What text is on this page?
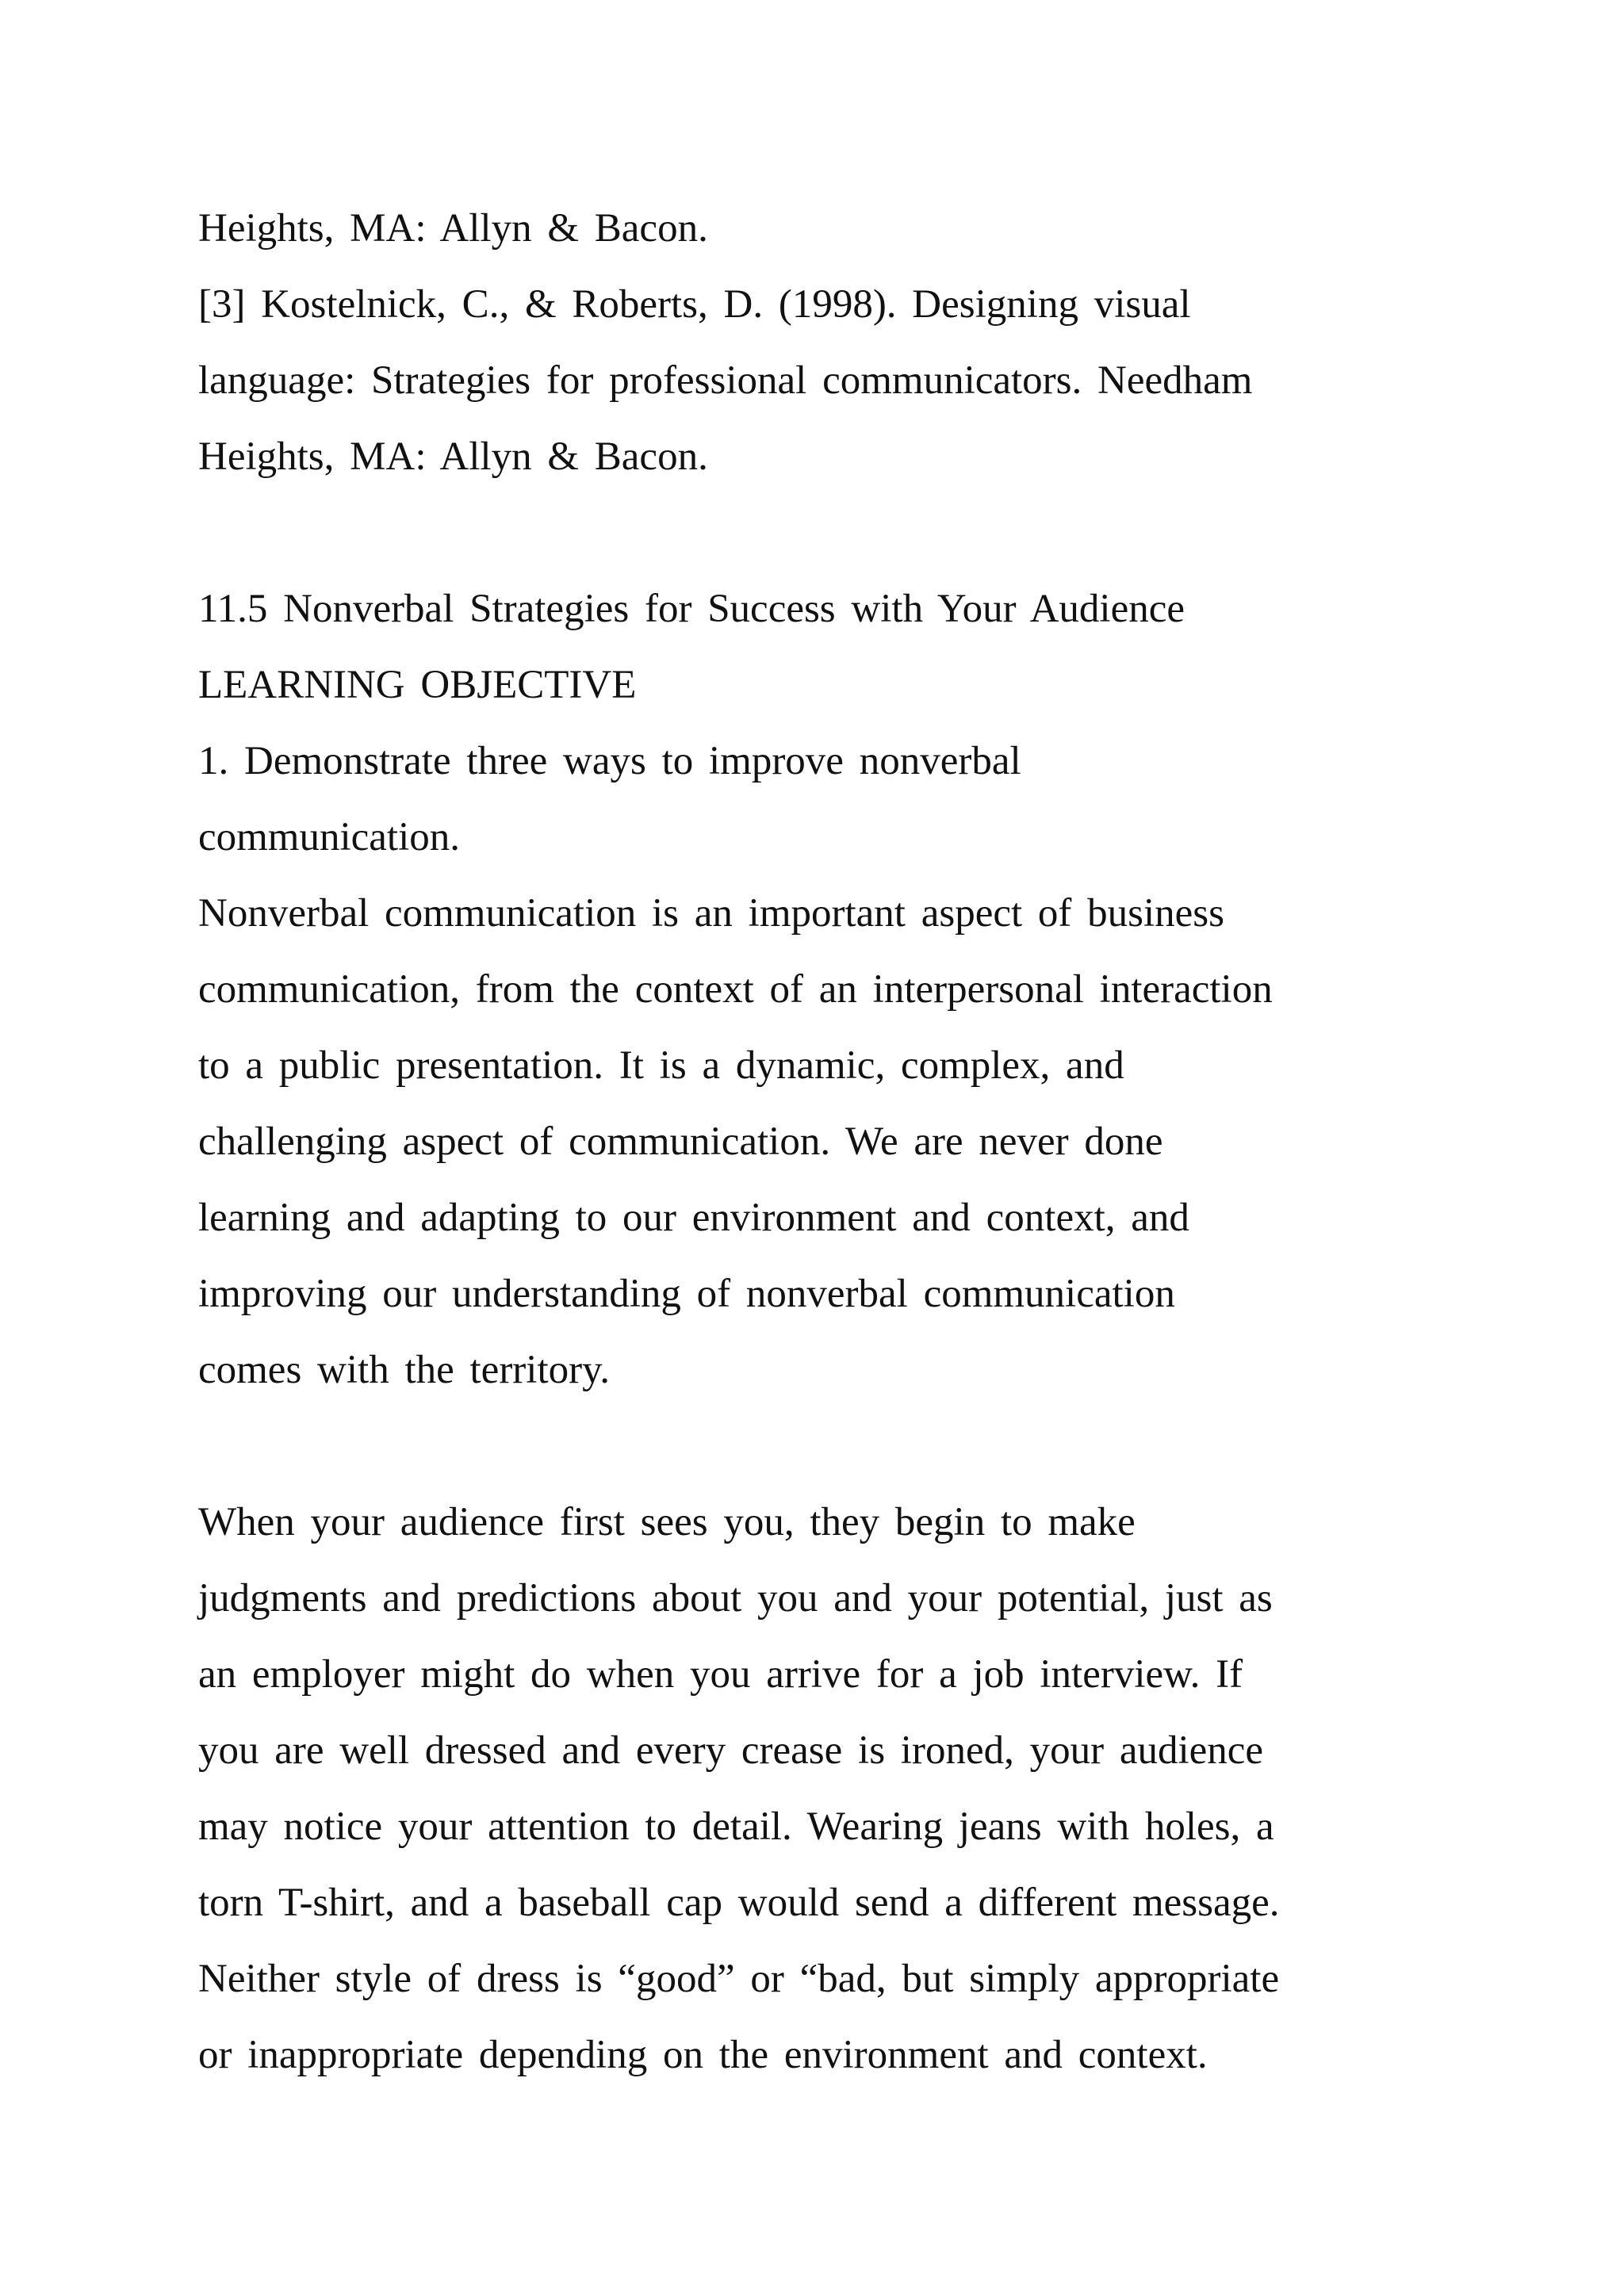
Heights, MA: Allyn & Bacon.
[3] Kostelnick, C., & Roberts, D. (1998). Designing visual
language: Strategies for professional communicators. Needham
Heights, MA: Allyn & Bacon.
11.5 Nonverbal Strategies for Success with Your Audience
LEARNING OBJECTIVE
1. Demonstrate three ways to improve nonverbal
communication.
Nonverbal communication is an important aspect of business
communication, from the context of an interpersonal interaction
to a public presentation. It is a dynamic, complex, and
challenging aspect of communication. We are never done
learning and adapting to our environment and context, and
improving our understanding of nonverbal communication
comes with the territory.
When your audience first sees you, they begin to make
judgments and predictions about you and your potential, just as
an employer might do when you arrive for a job interview. If
you are well dressed and every crease is ironed, your audience
may notice your attention to detail. Wearing jeans with holes, a
torn T-shirt, and a baseball cap would send a different message.
Neither style of dress is “good” or “bad, but simply appropriate
or inappropriate depending on the environment and context.
